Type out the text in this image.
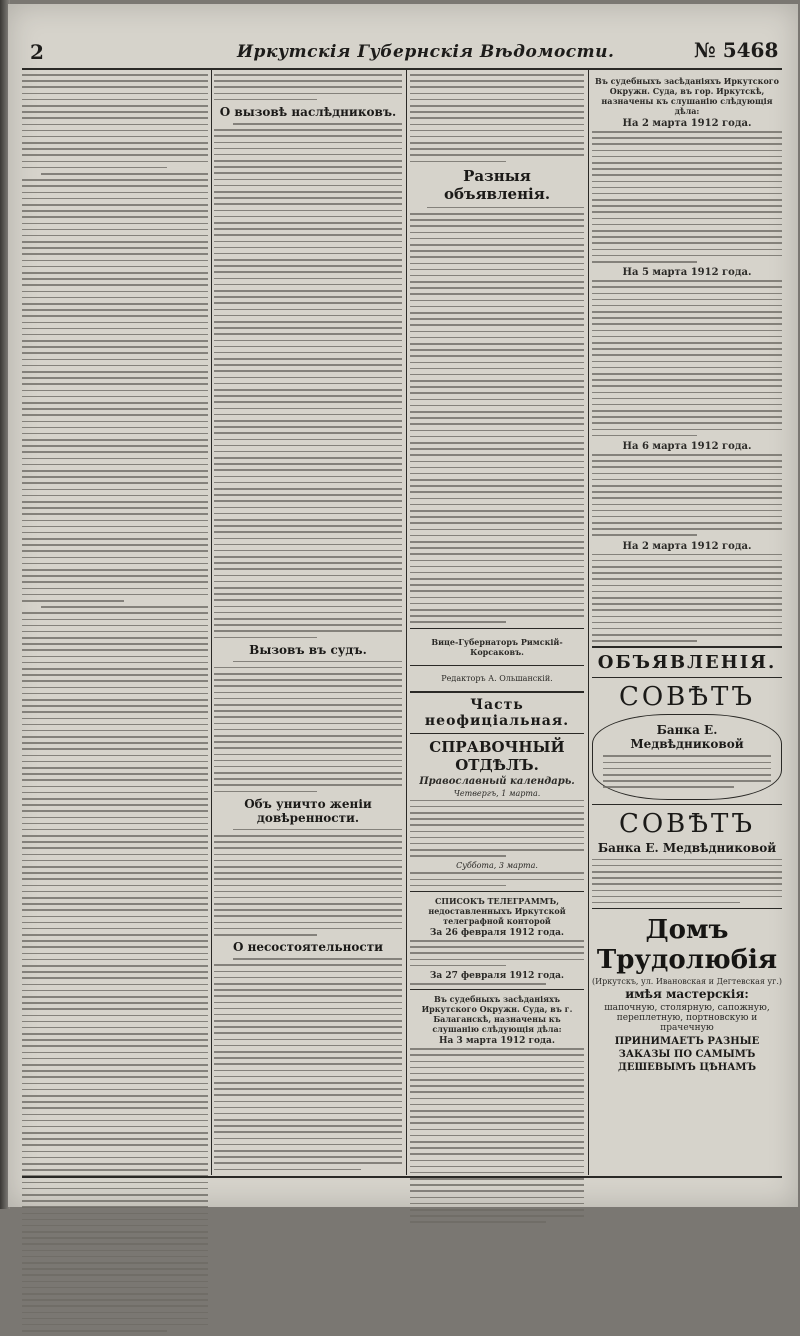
2	Иркутскія Губернскія Вѣдомости.	№ 5468
О вызовѣ наслѣдниковъ.
Вызовъ въ судъ.
Объ уничто женіи довѣренности.
О несостоятельности
Разныя объявленія.
Вице-Губернаторъ Римскій-Корсаковъ.
Редакторъ А. Ольшанскій.
Часть неофиціальная.
СПРАВОЧНЫЙ ОТДѢЛЪ.
Православный календарь.
Четвергъ, 1 марта.
Суббота, 3 марта.
СПИСОКЪ ТЕЛЕГРАММЪ, недоставленныхъ Иркутской телеграфной конторой
За 26 февраля 1912 года.
За 27 февраля 1912 года.
Въ судебныхъ засѣданіяхъ Иркутского Окружн. Суда, въ г. Балаганскѣ, назначены къ слушанію слѣдующія дѣла:
На 3 марта 1912 года.
Въ судебныхъ засѣданіяхъ Иркутского Окружн. Суда, въ гор. Иркутскѣ, назначены къ слушанію слѣдующія дѣла:
На 2 марта 1912 года.
На 5 марта 1912 года.
На 6 марта 1912 года.
На 2 марта 1912 года.
ОБЪЯВЛЕНІЯ.
СОВѢТЪ
Банка Е. Медвѣдниковой
СОВѢТЪ
Банка Е. Медвѣдниковой
Домъ Трудолюбія
(Иркутскъ, ул. Ивановская и Дегтевская уг.)
имѣя мастерскія:
шапочную, столярную, сапожную, переплетную, портновскую и прачечную
ПРИНИМАЕТЪ РАЗНЫЕ ЗАКАЗЫ ПО САМЫМЪ ДЕШЕВЫМЪ ЦѢНАМЪ
